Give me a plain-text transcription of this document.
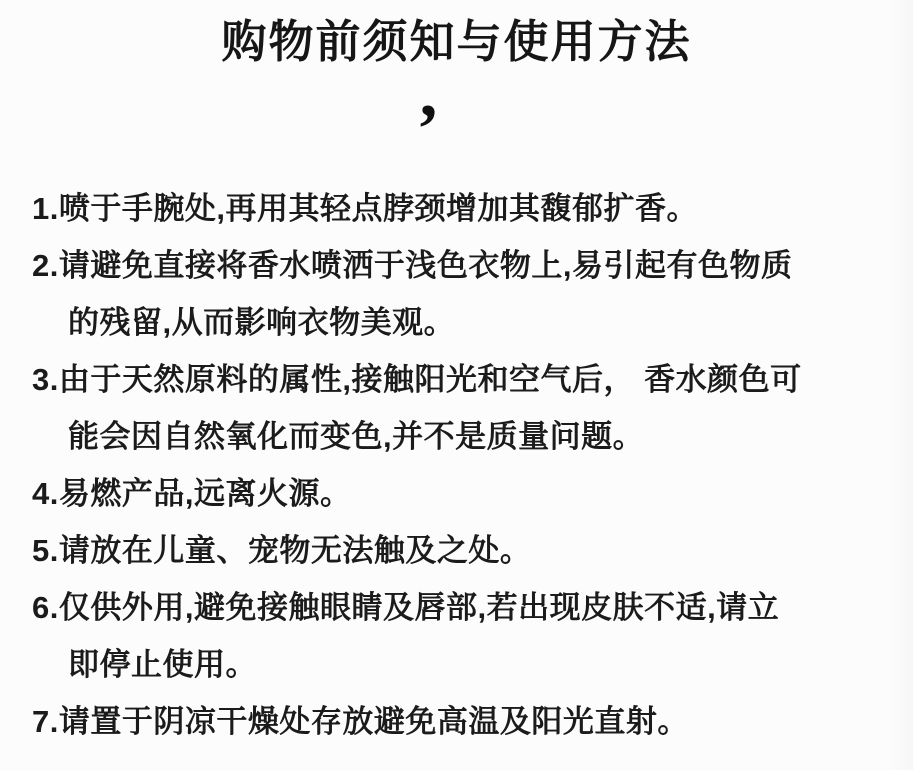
购物前须知与使用方法
,
1.喷于手腕处,再用其轻点脖颈增加其馥郁扩香。
2.请避免直接将香水喷洒于浅色衣物上,易引起有色物质
的残留,从而影响衣物美观。
3.由于天然原料的属性,接触阳光和空气后， 香水颜色可
能会因自然氧化而变色,并不是质量问题。
4.易燃产品,远离火源。
5.请放在儿童、宠物无法触及之处。
6.仅供外用,避免接触眼睛及唇部,若出现皮肤不适,请立
即停止使用。
7.请置于阴凉干燥处存放避免高温及阳光直射。
